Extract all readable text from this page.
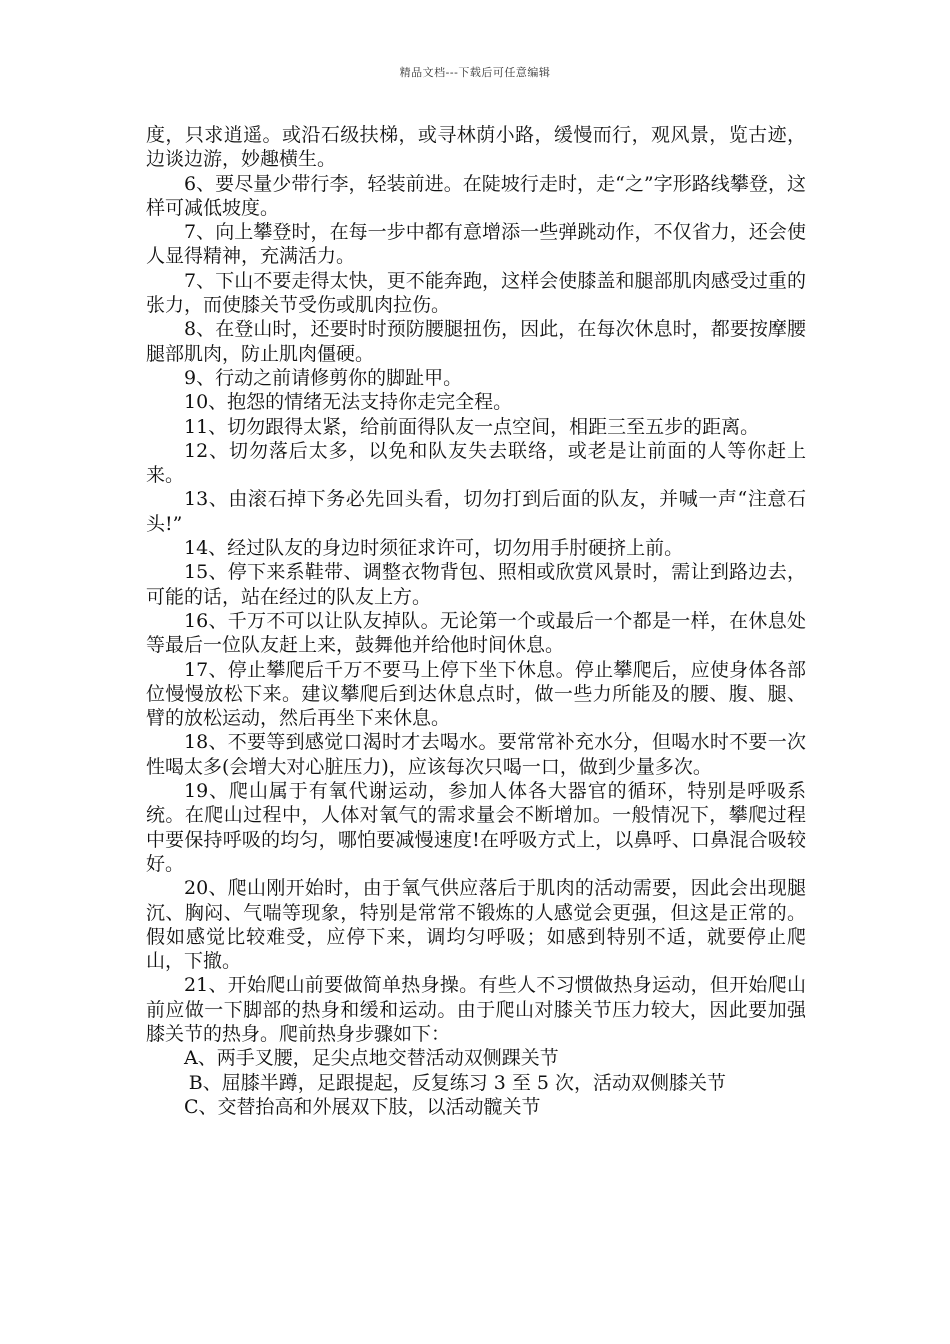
精品文档---下载后可任意编辑

度，只求逍遥。或沿石级扶梯，或寻林荫小路，缓慢而行，观风景，览古迹，边谈边游，妙趣横生。

6、要尽量少带行李，轻装前进。在陡坡行走时，走“之”字形路线攀登，这样可减低坡度。

7、向上攀登时，在每一步中都有意增添一些弹跳动作，不仅省力，还会使人显得精神，充满活力。

7、下山不要走得太快，更不能奔跑，这样会使膝盖和腿部肌肉感受过重的张力，而使膝关节受伤或肌肉拉伤。

8、在登山时，还要时时预防腰腿扭伤，因此，在每次休息时，都要按摩腰腿部肌肉，防止肌肉僵硬。

9、行动之前请修剪你的脚趾甲。

10、抱怨的情绪无法支持你走完全程。

11、切勿跟得太紧，给前面得队友一点空间，相距三至五步的距离。

12、切勿落后太多，以免和队友失去联络，或老是让前面的人等你赶上来。

13、由滚石掉下务必先回头看，切勿打到后面的队友，并喊一声“注意石头!”

14、经过队友的身边时须征求许可，切勿用手肘硬挤上前。

15、停下来系鞋带、调整衣物背包、照相或欣赏风景时，需让到路边去，可能的话，站在经过的队友上方。

16、千万不可以让队友掉队。无论第一个或最后一个都是一样，在休息处等最后一位队友赶上来，鼓舞他并给他时间休息。

17、停止攀爬后千万不要马上停下坐下休息。停止攀爬后，应使身体各部位慢慢放松下来。建议攀爬后到达休息点时，做一些力所能及的腰、腹、腿、臂的放松运动，然后再坐下来休息。

18、不要等到感觉口渴时才去喝水。要常常补充水分，但喝水时不要一次性喝太多(会增大对心脏压力)，应该每次只喝一口，做到少量多次。

19、爬山属于有氧代谢运动，参加人体各大器官的循环，特别是呼吸系统。在爬山过程中，人体对氧气的需求量会不断增加。一般情况下，攀爬过程中要保持呼吸的均匀，哪怕要减慢速度!在呼吸方式上，以鼻呼、口鼻混合吸较好。

20、爬山刚开始时，由于氧气供应落后于肌肉的活动需要，因此会出现腿沉、胸闷、气喘等现象，特别是常常不锻炼的人感觉会更强，但这是正常的。假如感觉比较难受，应停下来，调均匀呼吸；如感到特别不适，就要停止爬山，下撤。

21、开始爬山前要做简单热身操。有些人不习惯做热身运动，但开始爬山前应做一下脚部的热身和缓和运动。由于爬山对膝关节压力较大，因此要加强膝关节的热身。爬前热身步骤如下：

A、两手叉腰，足尖点地交替活动双侧踝关节

B、屈膝半蹲，足跟提起，反复练习 3 至 5 次，活动双侧膝关节

C、交替抬高和外展双下肢，以活动髋关节
